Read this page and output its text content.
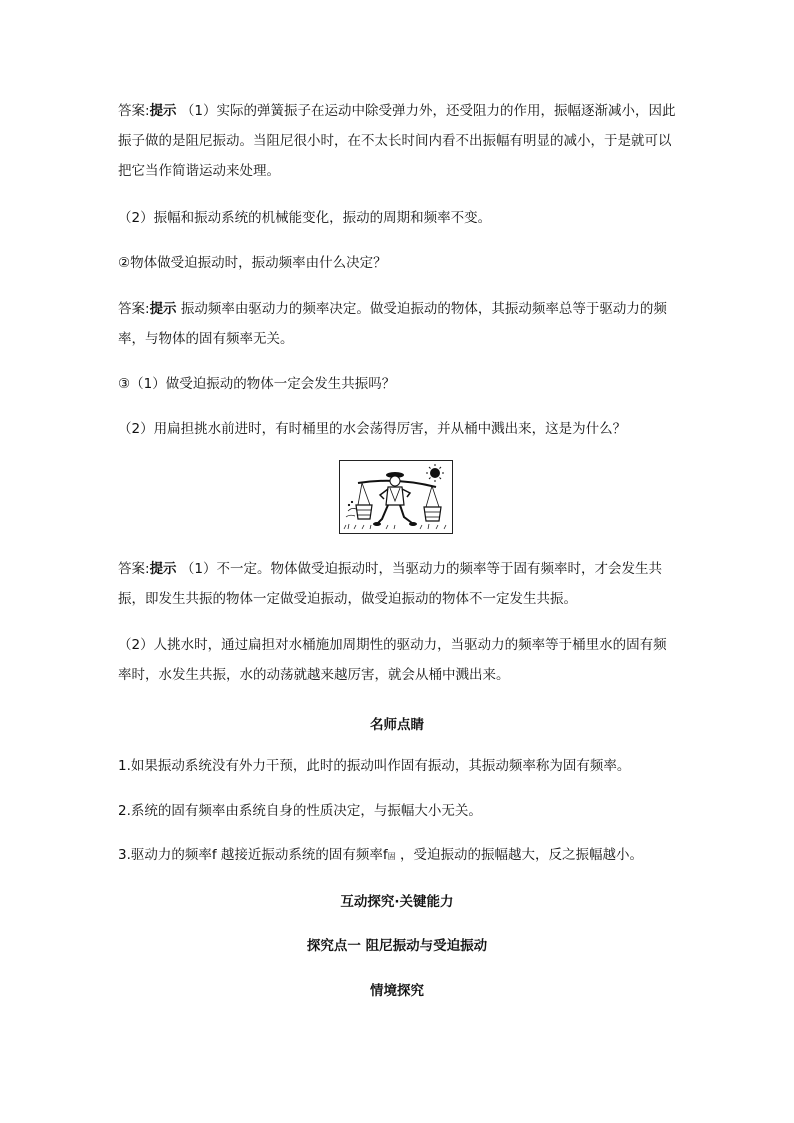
答案:提示 （1）实际的弹簧振子在运动中除受弹力外，还受阻力的作用，振幅逐渐减小，因此振子做的是阻尼振动。当阻尼很小时，在不太长时间内看不出振幅有明显的减小，于是就可以把它当作简谐运动来处理。

（2）振幅和振动系统的机械能变化，振动的周期和频率不变。

②物体做受迫振动时，振动频率由什么决定？

答案:提示 振动频率由驱动力的频率决定。做受迫振动的物体，其振动频率总等于驱动力的频率，与物体的固有频率无关。

③（1）做受迫振动的物体一定会发生共振吗？

（2）用扁担挑水前进时，有时桶里的水会荡得厉害，并从桶中溅出来，这是为什么？

答案:提示 （1）不一定。物体做受迫振动时，当驱动力的频率等于固有频率时，才会发生共振，即发生共振的物体一定做受迫振动，做受迫振动的物体不一定发生共振。

（2）人挑水时，通过扁担对水桶施加周期性的驱动力，当驱动力的频率等于桶里水的固有频率时，水发生共振，水的动荡就越来越厉害，就会从桶中溅出来。

名师点睛

1.如果振动系统没有外力干预，此时的振动叫作固有振动，其振动频率称为固有频率。

2.系统的固有频率由系统自身的性质决定，与振幅大小无关。

3.驱动力的频率f 越接近振动系统的固有频率f固 ，受迫振动的振幅越大，反之振幅越小。

互动探究·关键能力

探究点一 阻尼振动与受迫振动

情境探究
